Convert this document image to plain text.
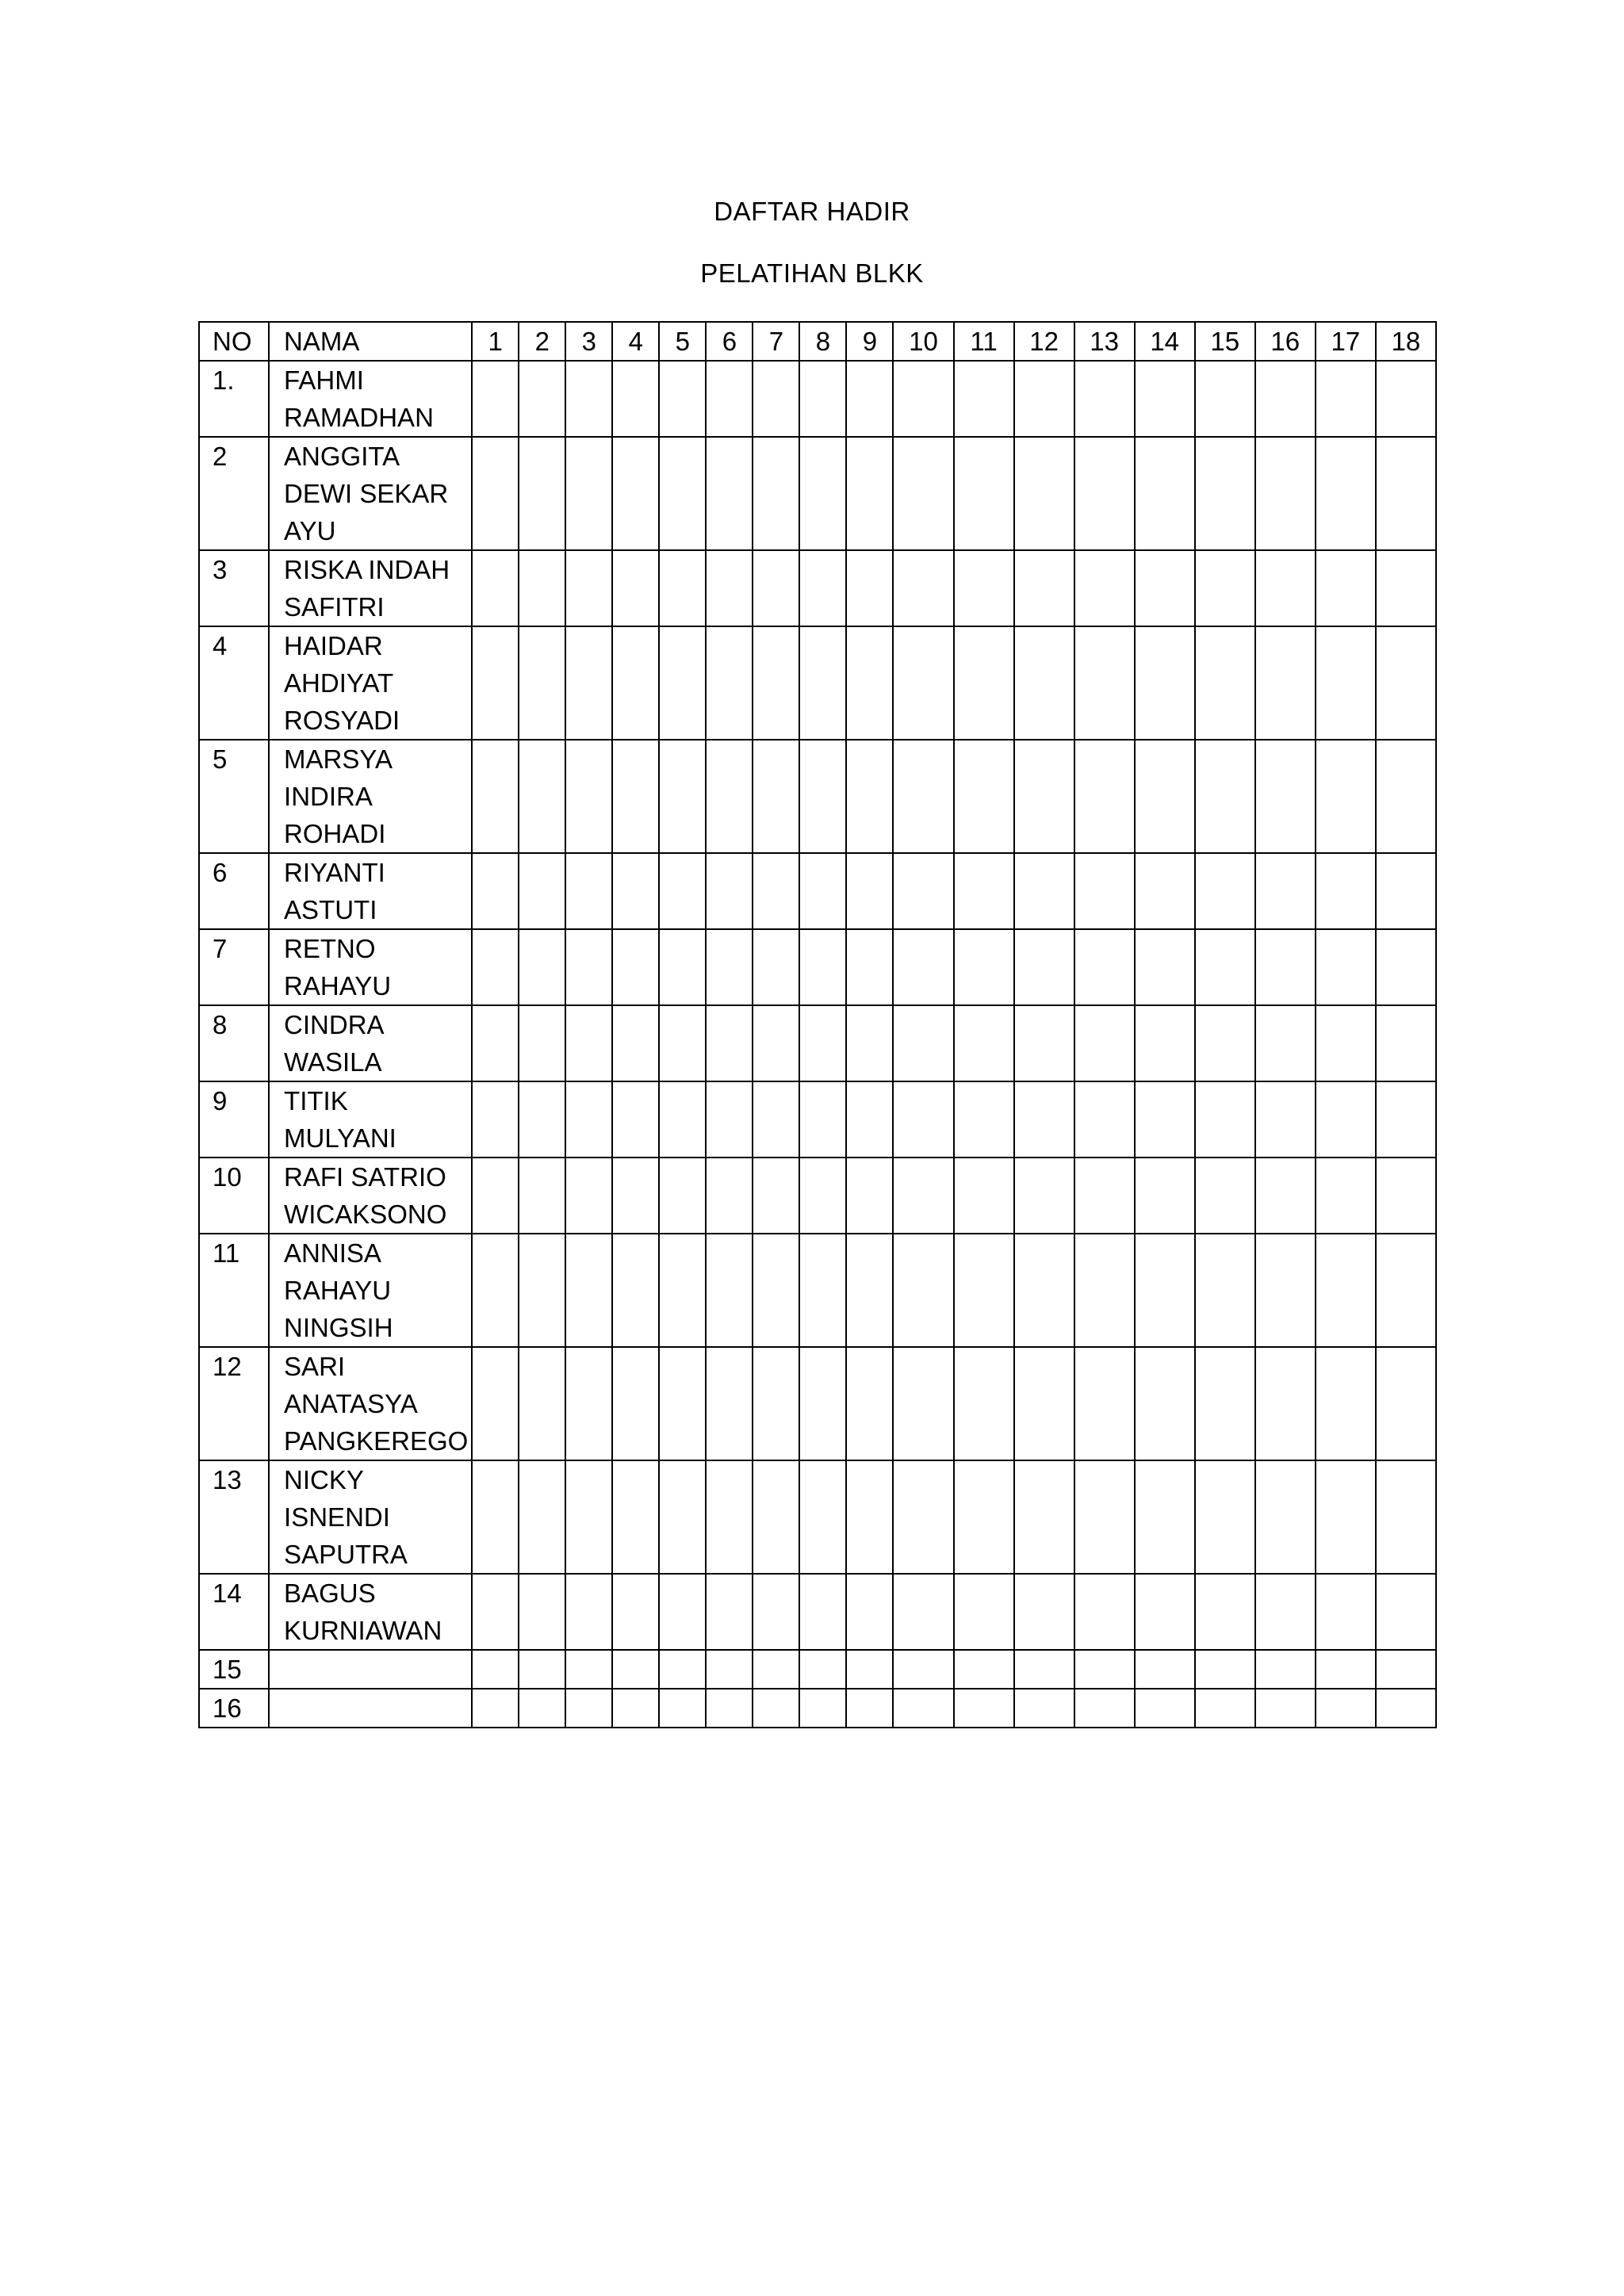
DAFTAR HADIR
PELATIHAN BLKK
NO	NAMA	1	2	3	4	5	6	7	8	9	10	11	12	13	14	15	16	17	18
1.	FAHMI
RAMADHAN																		
2	ANGGITA
DEWI SEKAR
AYU																		
3	RISKA INDAH
SAFITRI																		
4	HAIDAR
AHDIYAT
ROSYADI																		
5	MARSYA
INDIRA
ROHADI																		
6	RIYANTI
ASTUTI																		
7	RETNO
RAHAYU																		
8	CINDRA
WASILA																		
9	TITIK
MULYANI																		
10	RAFI SATRIO
WICAKSONO																		
11	ANNISA
RAHAYU
NINGSIH																		
12	SARI
ANATASYA
PANGKEREGO																		
13	NICKY
ISNENDI
SAPUTRA																		
14	BAGUS
KURNIAWAN																		
15																			
16																			
